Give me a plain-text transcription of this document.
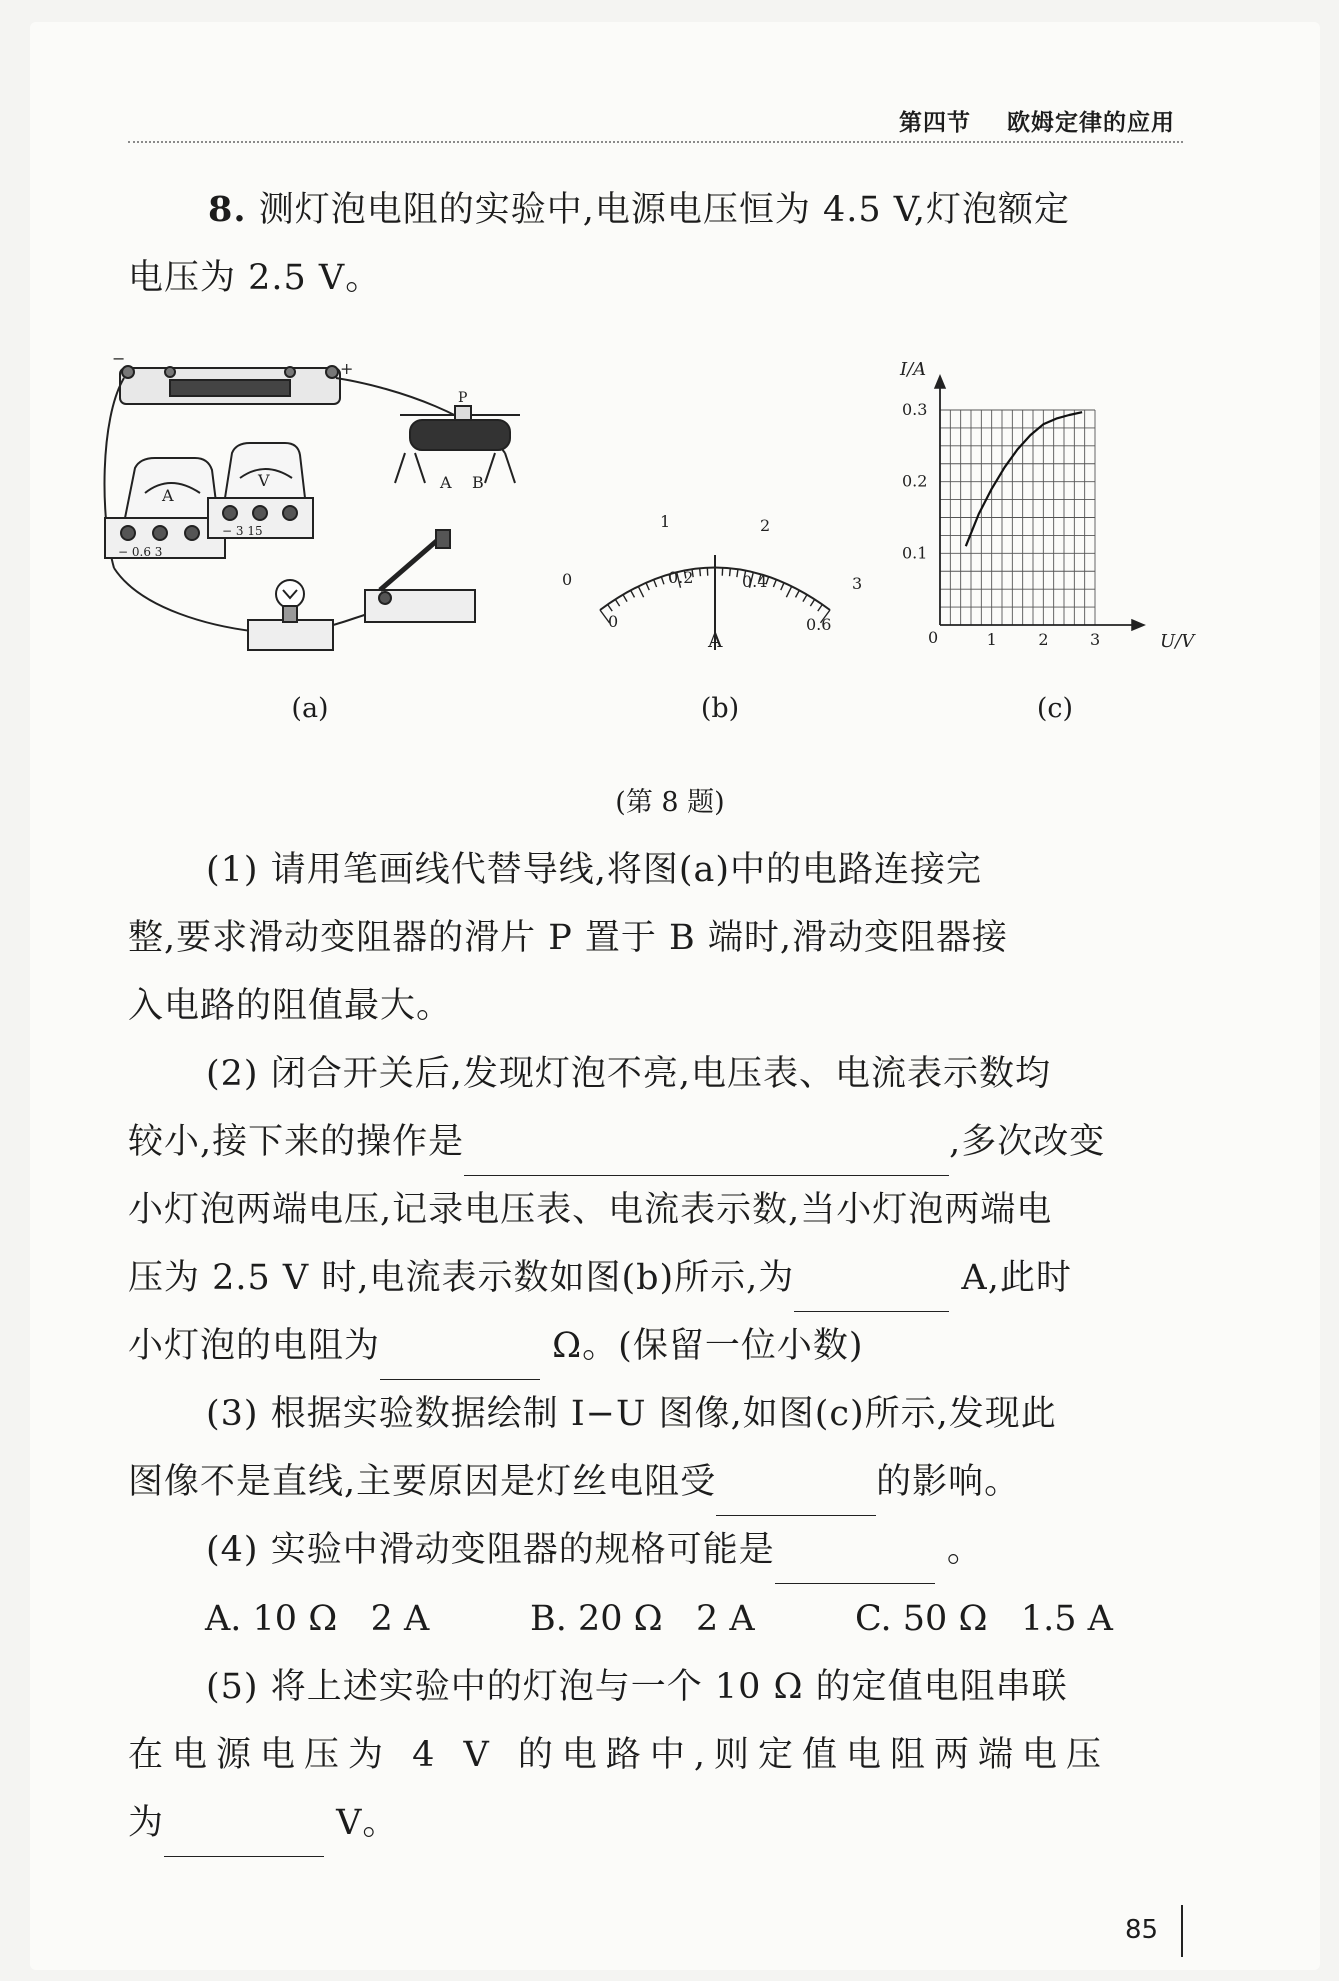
第四节 欧姆定律的应用

8. 测灯泡电阻的实验中,电源电压恒为 4.5 V,灯泡额定

电压为 2.5 V。

−
+
A
− 0.6 3
V
− 3 15
P
A B
(a)
0
1	2
3
0
0.2	0.4
0.6
A
(b)
I/A
U/V
0	1	2	3
0.1
0.2
0.3
(c)
(第 8 题)

(1) 请用笔画线代替导线,将图(a)中的电路连接完

整,要求滑动变阻器的滑片 P 置于 B 端时,滑动变阻器接

入电路的阻值最大。

(2) 闭合开关后,发现灯泡不亮,电压表、电流表示数均

较小,接下来的操作是	,多次改变

小灯泡两端电压,记录电压表、电流表示数,当小灯泡两端电

压为 2.5 V 时,电流表示数如图(b)所示,为	A,此时

小灯泡的电阻为	Ω。(保留一位小数)

(3) 根据实验数据绘制 I−U 图像,如图(c)所示,发现此

图像不是直线,主要原因是灯丝电阻受	的影响。

(4) 实验中滑动变阻器的规格可能是	。

A. 10 Ω   2 A	B. 20 Ω   2 A	C. 50 Ω   1.5 A

(5) 将上述实验中的灯泡与一个 10 Ω 的定值电阻串联

在电源电压为 4 V 的电路中,则定值电阻两端电压

为	V。

85
